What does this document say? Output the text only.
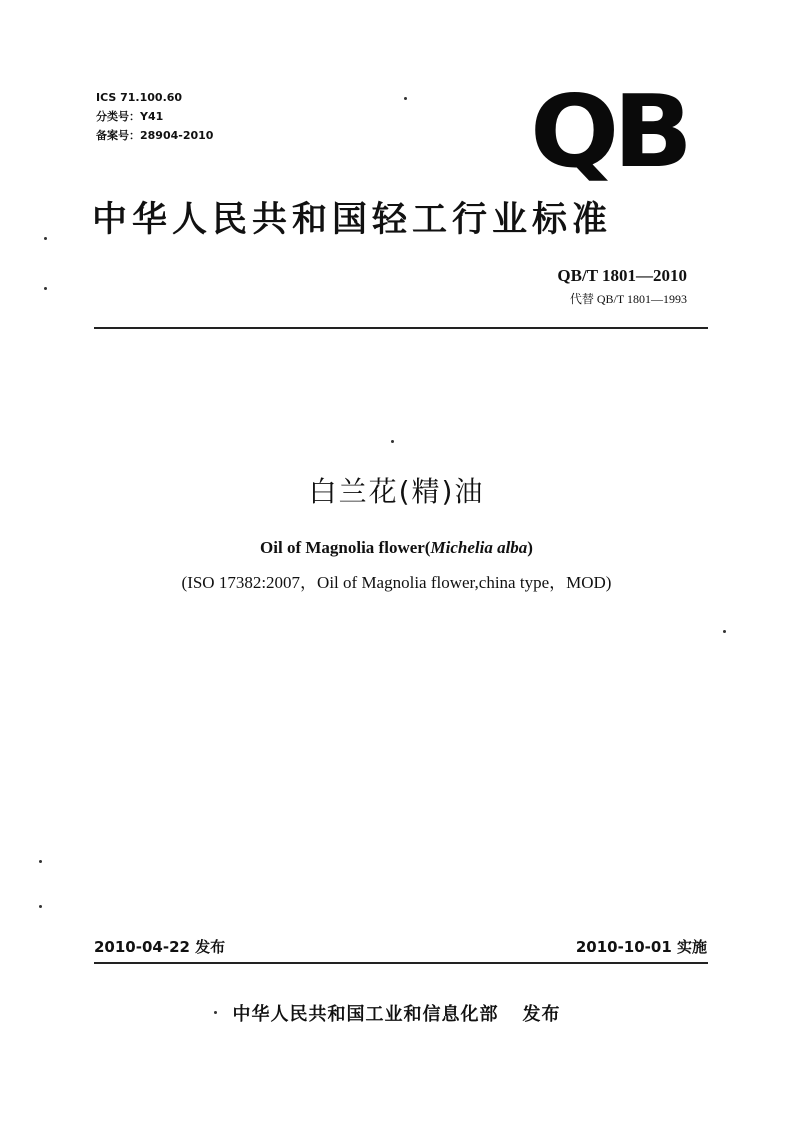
ICS 71.100.60
分类号：Y41
备案号：28904-2010	QB
中华人民共和国轻工行业标准
QB/T 1801—2010
代替 QB/T 1801—1993
白兰花(精)油
Oil of Magnolia flower(Michelia alba)
(ISO 17382:2007，Oil of Magnolia flower,china type，MOD)
2010-04-22 发布	2010-10-01 实施
中华人民共和国工业和信息化部 发布
